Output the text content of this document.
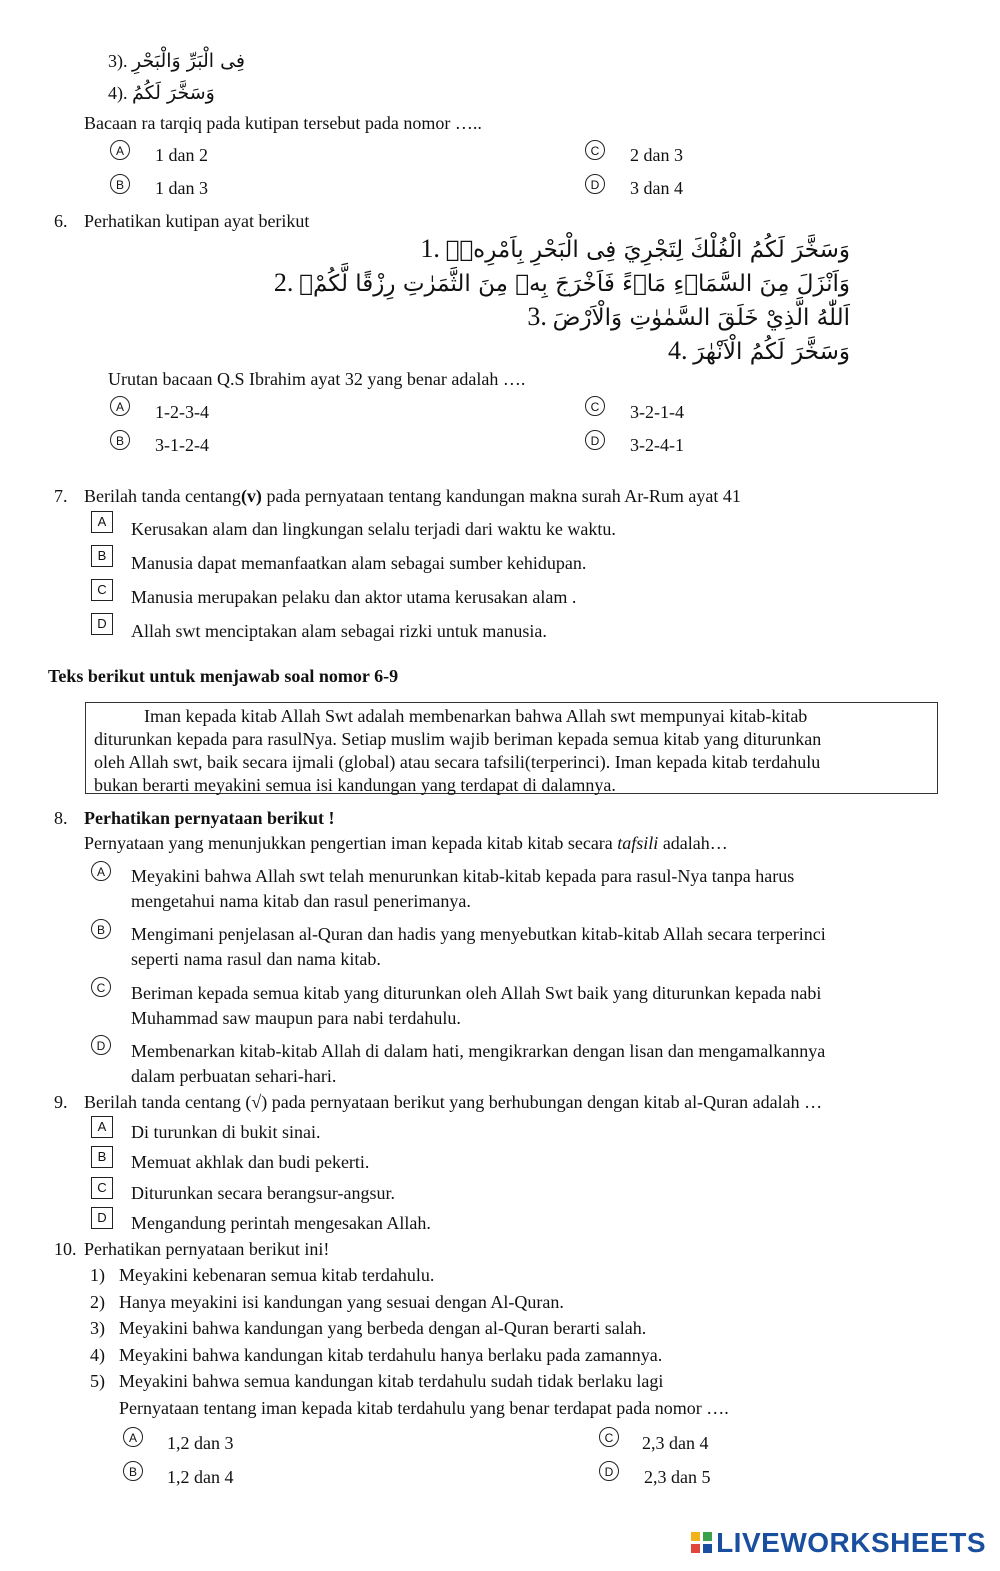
3). فِى الْبَرِّ وَالْبَحْرِ
4). وَسَخَّرَ لَكُمُ
Bacaan ra tarqiq pada kutipan tersebut pada nomor …..
A	1 dan 2
B	1 dan 3
C	2 dan 3
D	3 dan 4
6. Perhatikan kutipan ayat berikut
وَسَخَّرَ لَكُمُ الْفُلْكَ لِتَجْرِيَ فِى الْبَحْرِ بِاَمْرِهٖۚ .1
وَاَنْزَلَ مِنَ السَّمَاۤءِ مَاۤءً فَاَخْرَجَ بِهٖ مِنَ الثَّمَرٰتِ رِزْقًا لَّكُمْۚ .2
اَللّٰهُ الَّذِيْ خَلَقَ السَّمٰوٰتِ وَالْاَرْضَ .3
وَسَخَّرَ لَكُمُ الْاَنْهٰرَ .4
Urutan bacaan Q.S Ibrahim ayat 32 yang benar adalah ….
A	1-2-3-4
B	3-1-2-4
C	3-2-1-4
D	3-2-4-1
7. Berilah tanda centang(v) pada pernyataan tentang kandungan makna surah Ar-Rum ayat 41
A	Kerusakan alam dan lingkungan selalu terjadi dari waktu ke waktu.
B	Manusia dapat memanfaatkan alam sebagai sumber kehidupan.
C	Manusia merupakan pelaku dan aktor utama kerusakan alam .
D	Allah swt menciptakan alam sebagai rizki untuk manusia.
Teks berikut untuk menjawab soal nomor 6-9
Iman kepada kitab Allah Swt adalah membenarkan bahwa Allah swt mempunyai kitab-kitab
diturunkan kepada para rasulNya. Setiap muslim wajib beriman kepada semua kitab yang diturunkan
oleh Allah swt, baik secara ijmali (global) atau secara tafsili(terperinci). Iman kepada kitab terdahulu
bukan berarti meyakini semua isi kandungan yang terdapat di dalamnya.
8. Perhatikan pernyataan berikut !
Pernyataan yang menunjukkan pengertian iman kepada kitab kitab secara tafsili adalah…
A	Meyakini bahwa Allah swt telah menurunkan kitab-kitab kepada para rasul-Nya tanpa harus
mengetahui nama kitab dan rasul penerimanya.
B	Mengimani penjelasan al-Quran dan hadis yang menyebutkan kitab-kitab Allah secara terperinci
seperti nama rasul dan nama kitab.
C	Beriman kepada semua kitab yang diturunkan oleh Allah Swt baik yang diturunkan kepada nabi
Muhammad saw maupun para nabi terdahulu.
D	Membenarkan kitab-kitab Allah di dalam hati, mengikrarkan dengan lisan dan mengamalkannya
dalam perbuatan sehari-hari.
9. Berilah tanda centang (√) pada pernyataan berikut yang berhubungan dengan kitab al-Quran adalah …
A	Di turunkan di bukit sinai.
B	Memuat akhlak dan budi pekerti.
C	Diturunkan secara berangsur-angsur.
D	Mengandung perintah mengesakan Allah.
10. Perhatikan pernyataan berikut ini!
1) Meyakini kebenaran semua kitab terdahulu.
2) Hanya meyakini isi kandungan yang sesuai dengan Al-Quran.
3) Meyakini bahwa kandungan yang berbeda dengan al-Quran berarti salah.
4) Meyakini bahwa kandungan kitab terdahulu hanya berlaku pada zamannya.
5) Meyakini bahwa semua kandungan kitab terdahulu sudah tidak berlaku lagi
Pernyataan tentang iman kepada kitab terdahulu yang benar terdapat pada nomor ….
A	1,2 dan 3
B	1,2 dan 4
C	2,3 dan 4
D	2,3 dan 5
LIVEWORKSHEETS
